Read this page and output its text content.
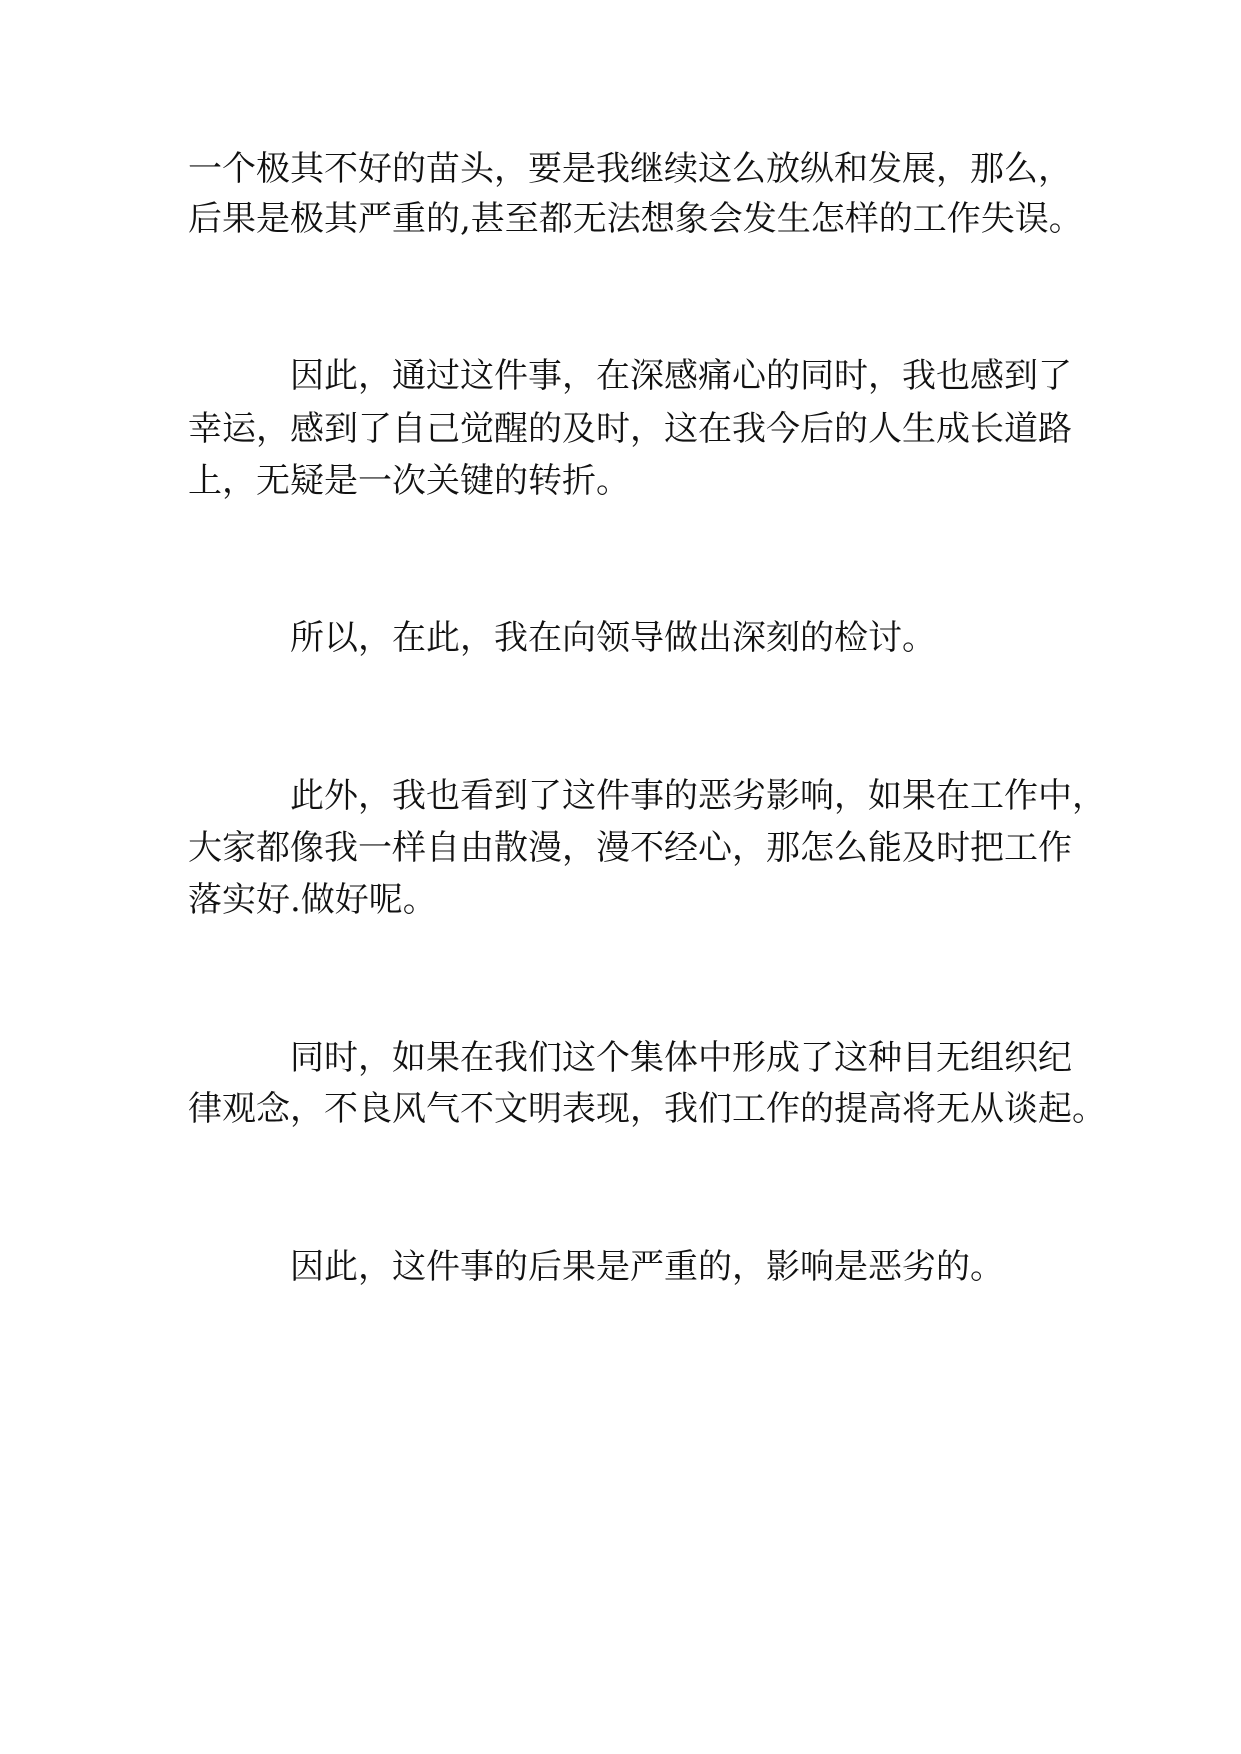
一个极其不好的苗头，要是我继续这么放纵和发展，那么，
后果是极其严重的,甚至都无法想象会发生怎样的工作失误。
因此，通过这件事，在深感痛心的同时，我也感到了
幸运，感到了自己觉醒的及时，这在我今后的人生成长道路
上，无疑是一次关键的转折。
所以，在此，我在向领导做出深刻的检讨。
此外，我也看到了这件事的恶劣影响，如果在工作中，
大家都像我一样自由散漫，漫不经心，那怎么能及时把工作
落实好.做好呢。
同时，如果在我们这个集体中形成了这种目无组织纪
律观念，不良风气不文明表现，我们工作的提高将无从谈起。
因此，这件事的后果是严重的，影响是恶劣的。
